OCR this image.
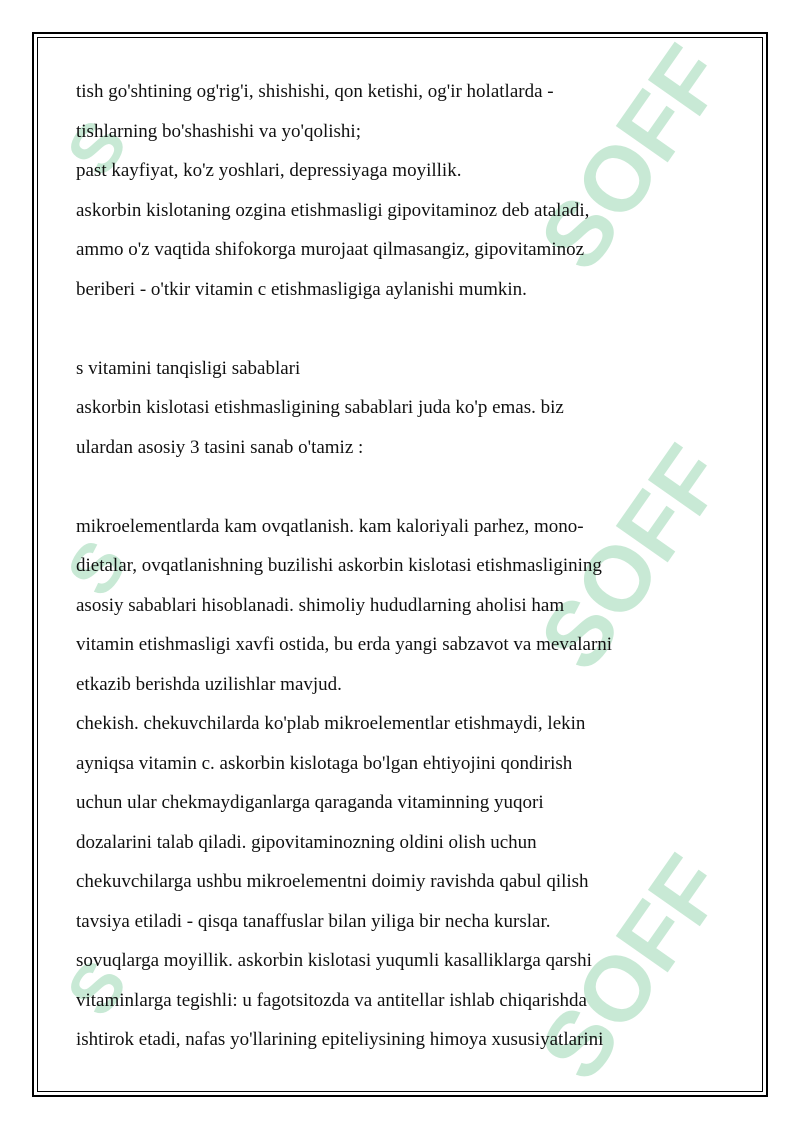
SOFF
SOFF
SOFF
S
S
S
tish go'shtining og'rig'i, shishishi, qon ketishi, og'ir holatlarda -
tishlarning bo'shashishi va yo'qolishi;
past kayfiyat, ko'z yoshlari, depressiyaga moyillik.
askorbin kislotaning ozgina etishmasligi gipovitaminoz deb ataladi,
ammo o'z vaqtida shifokorga murojaat qilmasangiz, gipovitaminoz
beriberi - o'tkir vitamin c etishmasligiga aylanishi mumkin.
s vitamini tanqisligi sabablari
askorbin kislotasi etishmasligining sabablari juda ko'p emas. biz
ulardan asosiy 3 tasini sanab o'tamiz :
mikroelementlarda kam ovqatlanish. kam kaloriyali parhez, mono-
dietalar, ovqatlanishning buzilishi askorbin kislotasi etishmasligining
asosiy sabablari hisoblanadi. shimoliy hududlarning aholisi ham
vitamin etishmasligi xavfi ostida, bu erda yangi sabzavot va mevalarni
etkazib berishda uzilishlar mavjud.
chekish. chekuvchilarda ko'plab mikroelementlar etishmaydi, lekin
ayniqsa vitamin c. askorbin kislotaga bo'lgan ehtiyojini qondirish
uchun ular chekmaydiganlarga qaraganda vitaminning yuqori
dozalarini talab qiladi. gipovitaminozning oldini olish uchun
chekuvchilarga ushbu mikroelementni doimiy ravishda qabul qilish
tavsiya etiladi - qisqa tanaffuslar bilan yiliga bir necha kurslar.
sovuqlarga moyillik. askorbin kislotasi yuqumli kasalliklarga qarshi
vitaminlarga tegishli: u fagotsitozda va antitellar ishlab chiqarishda
ishtirok etadi, nafas yo'llarining epiteliysining himoya xususiyatlarini
